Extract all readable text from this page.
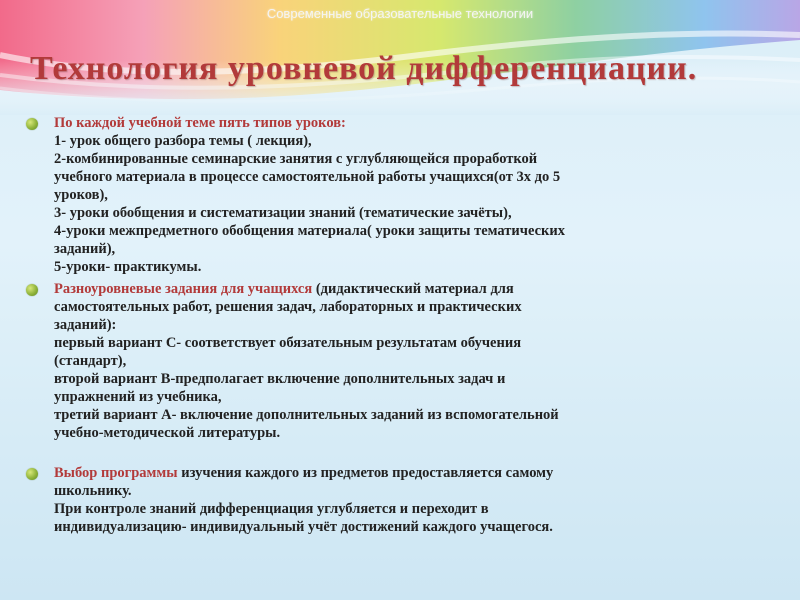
Современные образовательные технологии
Технология уровневой дифференциации.
По каждой учебной теме пять типов уроков:
1- урок общего разбора темы ( лекция),
2-комбинированные семинарские занятия с углубляющейся проработкой
учебного материала в процессе самостоятельной работы учащихся(от 3х до 5
уроков),
3- уроки обобщения и систематизации знаний (тематические зачёты),
4-уроки межпредметного обобщения материала( уроки защиты тематических
заданий),
5-уроки- практикумы.
Разноуровневые задания для учащихся (дидактический материал для
самостоятельных работ, решения задач, лабораторных и практических
заданий):
первый вариант С- соответствует обязательным результатам обучения
(стандарт),
второй вариант В-предполагает включение дополнительных задач и
упражнений из учебника,
третий вариант А- включение дополнительных заданий из вспомогательной
учебно-методической литературы.
Выбор программы изучения каждого из предметов предоставляется самому
школьнику.
При контроле знаний дифференциация углубляется и переходит в
индивидуализацию- индивидуальный учёт достижений каждого учащегося.
